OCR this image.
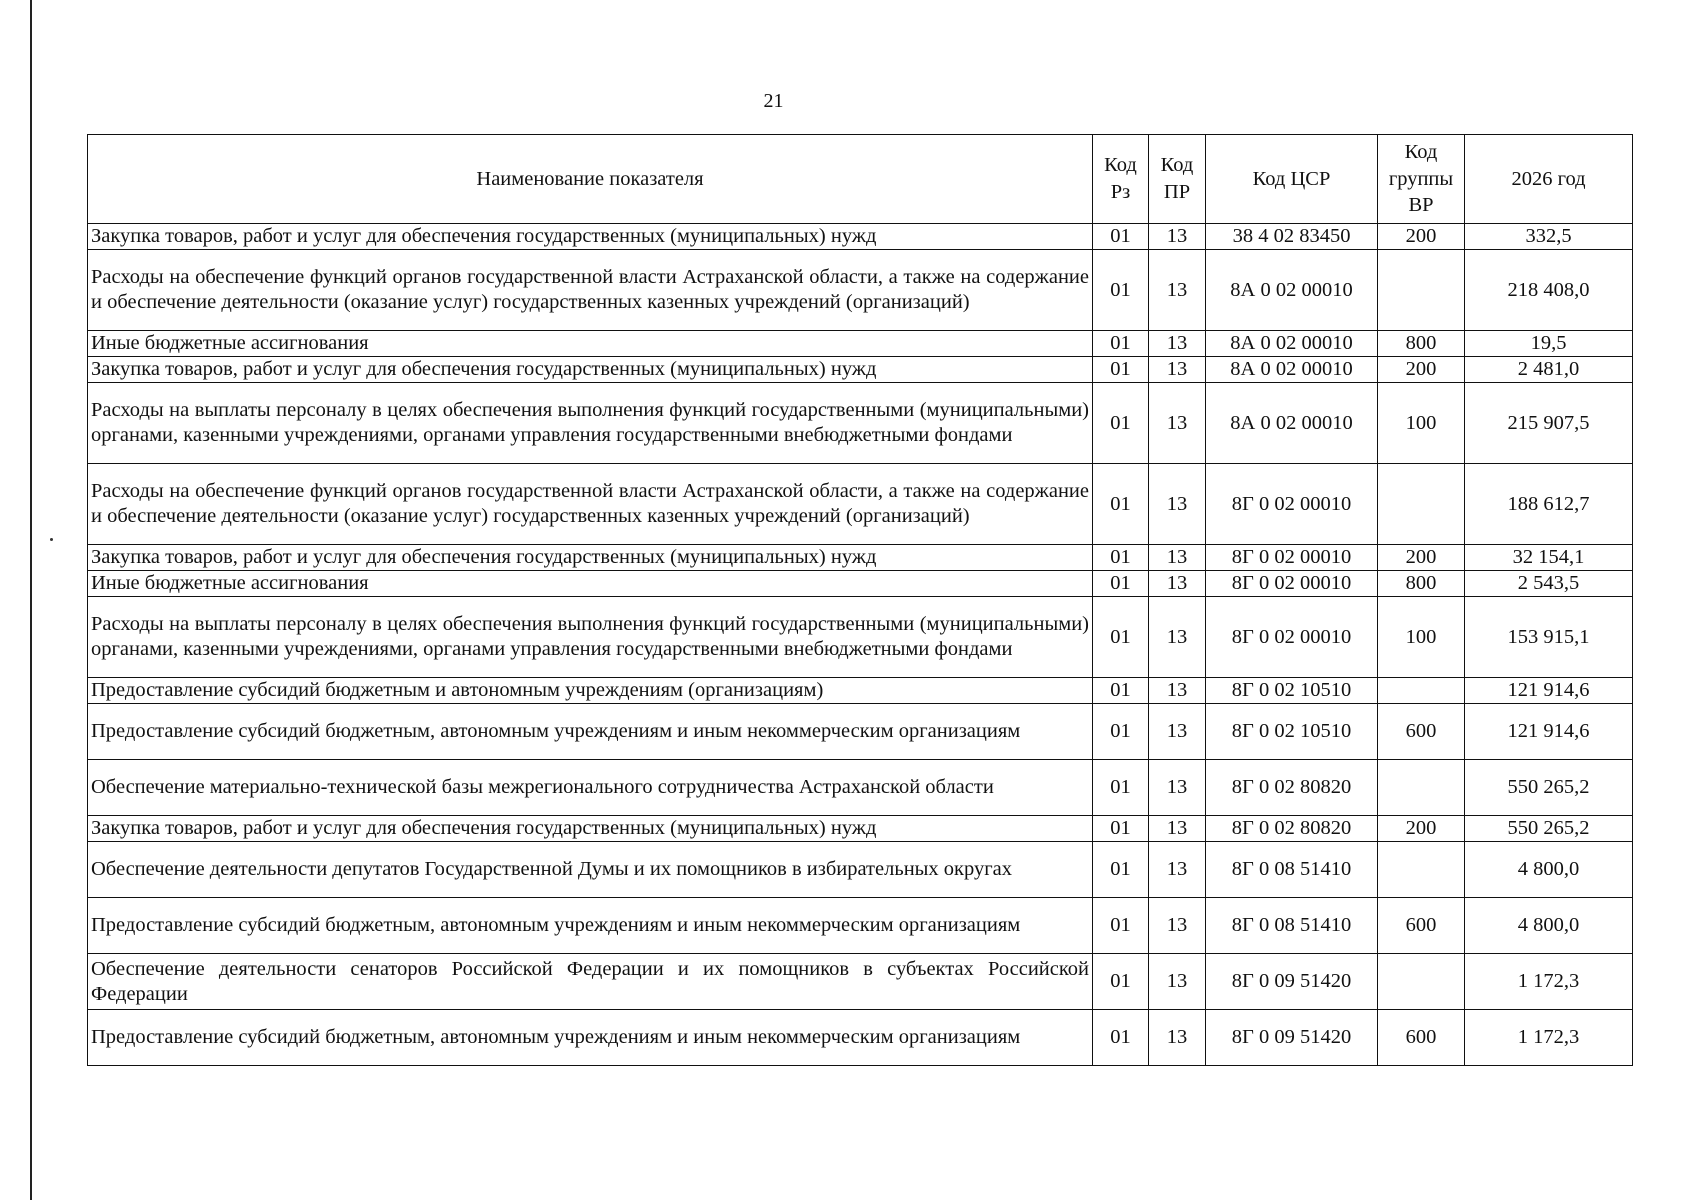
21
Наименование показателя	Код Рз	Код ПР	Код ЦСР	Код группы ВР	2026 год
Закупка товаров, работ и услуг для обеспечения государственных (муниципальных) нужд	01	13	38 4 02 83450	200	332,5
Расходы на обеспечение функций органов государственной власти Астраханской области, а также на содержание и обеспечение деятельности (оказание услуг) государственных казенных учреждений (организаций)	01	13	8А 0 02 00010		218 408,0
Иные бюджетные ассигнования	01	13	8А 0 02 00010	800	19,5
Закупка товаров, работ и услуг для обеспечения государственных (муниципальных) нужд	01	13	8А 0 02 00010	200	2 481,0
Расходы на выплаты персоналу в целях обеспечения выполнения функций государственными (муниципальными) органами, казенными учреждениями, органами управления государственными внебюджетными фондами	01	13	8А 0 02 00010	100	215 907,5
Расходы на обеспечение функций органов государственной власти Астраханской области, а также на содержание и обеспечение деятельности (оказание услуг) государственных казенных учреждений (организаций)	01	13	8Г 0 02 00010		188 612,7
Закупка товаров, работ и услуг для обеспечения государственных (муниципальных) нужд	01	13	8Г 0 02 00010	200	32 154,1
Иные бюджетные ассигнования	01	13	8Г 0 02 00010	800	2 543,5
Расходы на выплаты персоналу в целях обеспечения выполнения функций государственными (муниципальными) органами, казенными учреждениями, органами управления государственными внебюджетными фондами	01	13	8Г 0 02 00010	100	153 915,1
Предоставление субсидий бюджетным и автономным учреждениям (организациям)	01	13	8Г 0 02 10510		121 914,6
Предоставление субсидий бюджетным, автономным учреждениям и иным некоммерческим организациям	01	13	8Г 0 02 10510	600	121 914,6
Обеспечение материально-технической базы межрегионального сотрудничества Астраханской области	01	13	8Г 0 02 80820		550 265,2
Закупка товаров, работ и услуг для обеспечения государственных (муниципальных) нужд	01	13	8Г 0 02 80820	200	550 265,2
Обеспечение деятельности депутатов Государственной Думы и их помощников в избирательных округах	01	13	8Г 0 08 51410		4 800,0
Предоставление субсидий бюджетным, автономным учреждениям и иным некоммерческим организациям	01	13	8Г 0 08 51410	600	4 800,0
Обеспечение деятельности сенаторов Российской Федерации и их помощников в субъектах Российской Федерации	01	13	8Г 0 09 51420		1 172,3
Предоставление субсидий бюджетным, автономным учреждениям и иным некоммерческим организациям	01	13	8Г 0 09 51420	600	1 172,3
